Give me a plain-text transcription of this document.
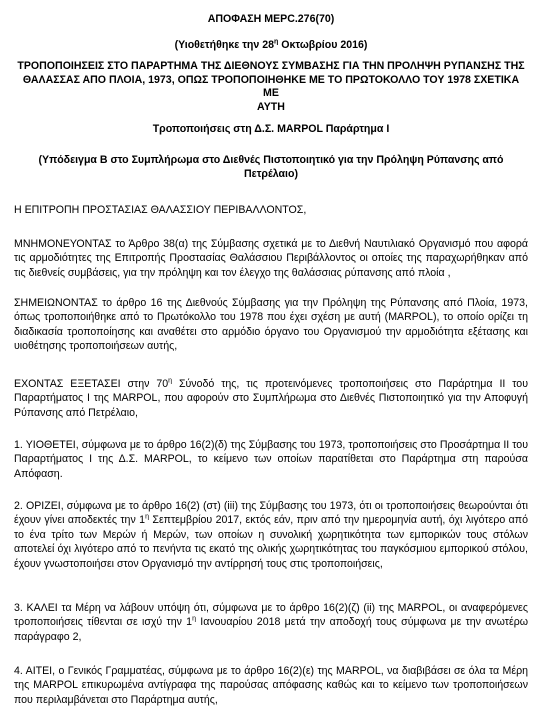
ΑΠΟΦΑΣΗ MEPC.276(70)
(Υιοθετήθηκε την $28^\eta$ Οκτωβρίου 2016)
ΤΡΟΠΟΠΟΙΗΣΕΙΣ ΣΤΟ ΠΑΡΑΡΤΗΜΑ ΤΗΣ ΔΙΕΘΝΟΥΣ ΣΥΜΒΑΣΗΣ ΓΙΑ ΤΗΝ ΠΡΟΛΗΨΗ ΡΥΠΑΝΣΗΣ ΤΗΣ
ΘΑΛΑΣΣΑΣ ΑΠΟ ΠΛΟΙΑ, 1973, ΟΠΩΣ ΤΡΟΠΟΠΟΙΗΘΗΚΕ ΜΕ ΤΟ ΠΡΩΤΟΚΟΛΛΟ ΤΟΥ 1978 ΣΧΕΤΙΚΑ ΜΕ
ΑΥΤΗ
Τροποποιήσεις στη Δ.Σ. MARPOL Παράρτημα I
(Υπόδειγμα B στο Συμπλήρωμα στο Διεθνές Πιστοποιητικό για την Πρόληψη Ρύπανσης από
Πετρέλαιο)
Η ΕΠΙΤΡΟΠΗ ΠΡΟΣΤΑΣΙΑΣ ΘΑΛΑΣΣΙΟΥ ΠΕΡΙΒΑΛΛΟΝΤΟΣ,
ΜΝΗΜΟΝΕΥΟΝΤΑΣ το Άρθρο 38(α) της Σύμβασης σχετικά με το Διεθνή Ναυτιλιακό Οργανισμό που αφορά τις αρμοδιότητες της Επιτροπής Προστασίας Θαλάσσιου Περιβάλλοντος οι οποίες της παραχωρήθηκαν από τις διεθνείς συμβάσεις, για την πρόληψη και τον έλεγχο της θαλάσσιας ρύπανσης από πλοία ,
ΣΗΜΕΙΩΝΟΝΤΑΣ το άρθρο 16 της Διεθνούς Σύμβασης για την Πρόληψη της Ρύπανσης από Πλοία, 1973, όπως τροποποιήθηκε από το Πρωτόκολλο του 1978 που έχει σχέση με αυτή (MARPOL), το οποίο ορίζει τη διαδικασία τροποποίησης και αναθέτει στο αρμόδιο όργανο του Οργανισμού την αρμοδιότητα εξέτασης και υιοθέτησης τροποποιήσεων αυτής,
ΕΧΟΝΤΑΣ ΕΞΕΤΑΣΕΙ στην $70^\eta$ Σύνοδό της, τις προτεινόμενες τροποποιήσεις στο Παράρτημα II του Παραρτήματος I της MARPOL, που αφορούν στο Συμπλήρωμα στο Διεθνές Πιστοποιητικό για την Αποφυγή Ρύπανσης από Πετρέλαιο,
1. ΥΙΟΘΕΤΕΙ, σύμφωνα με το άρθρο 16(2)(δ) της Σύμβασης του 1973, τροποποιήσεις στο Προσάρτημα II του Παραρτήματος I της Δ.Σ. MARPOL, το κείμενο των οποίων παρατίθεται στο Παράρτημα στη παρούσα Απόφαση.
2. ΟΡΙΖΕΙ, σύμφωνα με το άρθρο 16(2) (στ) (iii) της Σύμβασης του 1973, ότι οι τροποποιήσεις θεωρούνται ότι έχουν γίνει αποδεκτές την $1^\eta$ Σεπτεμβρίου 2017, εκτός εάν, πριν από την ημερομηνία αυτή, όχι λιγότερο από το ένα τρίτο των Μερών ή Μερών, των οποίων η συνολική χωρητικότητα των εμπορικών τους στόλων αποτελεί όχι λιγότερο από το πενήντα τις εκατό της ολικής χωρητικότητας του παγκόσμιου εμπορικού στόλου, έχουν γνωστοποιήσει στον Οργανισμό την αντίρρησή τους στις τροποποιήσεις,
3. ΚΑΛΕΙ τα Μέρη να λάβουν υπόψη ότι, σύμφωνα με το άρθρο 16(2)(ζ) (ii) της MARPOL, οι αναφερόμενες τροποποιήσεις τίθενται σε ισχύ την $1^\eta$ Ιανουαρίου 2018 μετά την αποδοχή τους σύμφωνα με την ανωτέρω παράγραφο 2,
4. ΑΙΤΕΙ, ο Γενικός Γραμματέας, σύμφωνα με το άρθρο 16(2)(ε) της MARPOL, να διαβιβάσει σε όλα τα Μέρη της MARPOL επικυρωμένα αντίγραφα της παρούσας απόφασης καθώς και το κείμενο των τροποποιήσεων που περιλαμβάνεται στο Παράρτημα αυτής,
